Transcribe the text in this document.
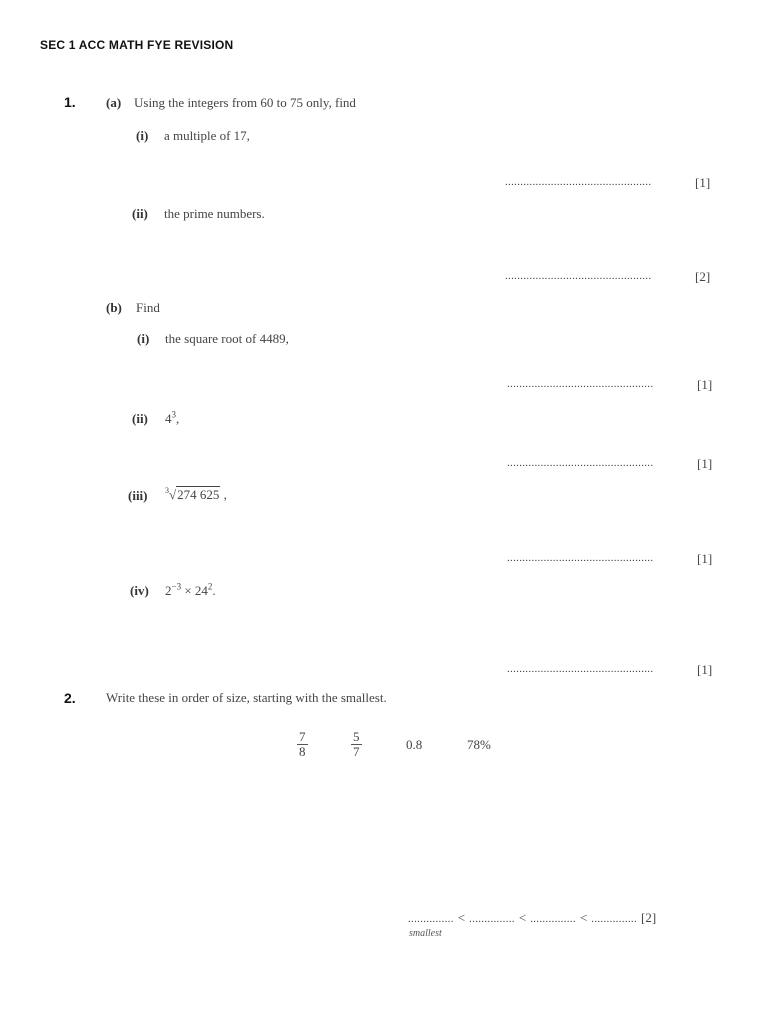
SEC 1 ACC MATH FYE REVISION
1. (a) Using the integers from 60 to 75 only, find
(i) a multiple of 17,
................................................	[1]
(ii) the prime numbers.
................................................	[2]
(b) Find
(i) the square root of 4489,
................................................	[1]
(ii) $4^3$,
................................................	[1]
(iii) $^3$√274 625 ,
................................................	[1]
(iv) $2^{-3} \times 24^2$.
................................................	[1]
2. Write these in order of size, starting with the smallest.
$\frac{7}{8}$	$\frac{5}{7}$	0.8	78%
............... < ............... < ............... < ............... [2]
smallest
